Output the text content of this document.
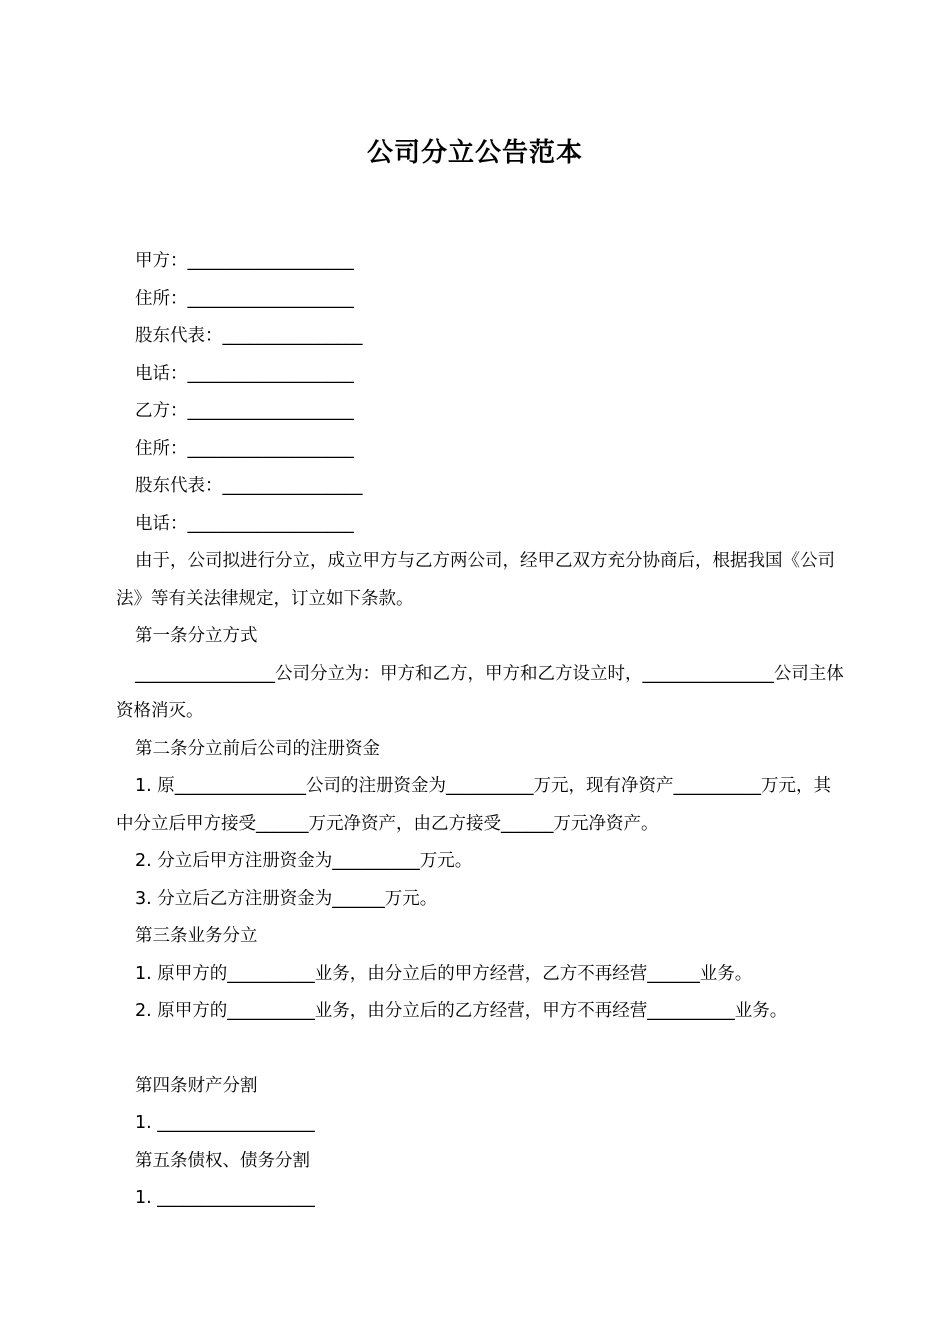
公司分立公告范本

甲方：___________________

住所：___________________

股东代表：________________

电话：___________________

乙方：___________________

住所：___________________

股东代表：________________

电话：___________________

由于，公司拟进行分立，成立甲方与乙方两公司，经甲乙双方充分协商后，根据我国《公司法》等有关法律规定，订立如下条款。

第一条分立方式

________________公司分立为：甲方和乙方，甲方和乙方设立时，_______________公司主体资格消灭。

第二条分立前后公司的注册资金

1. 原_______________公司的注册资金为__________万元，现有净资产__________万元，其中分立后甲方接受______万元净资产，由乙方接受______万元净资产。

2. 分立后甲方注册资金为__________万元。

3. 分立后乙方注册资金为______万元。

第三条业务分立

1. 原甲方的__________业务，由分立后的甲方经营，乙方不再经营______业务。

2. 原甲方的__________业务，由分立后的乙方经营，甲方不再经营__________业务。

第四条财产分割

1. __________________

第五条债权、债务分割

1. __________________
